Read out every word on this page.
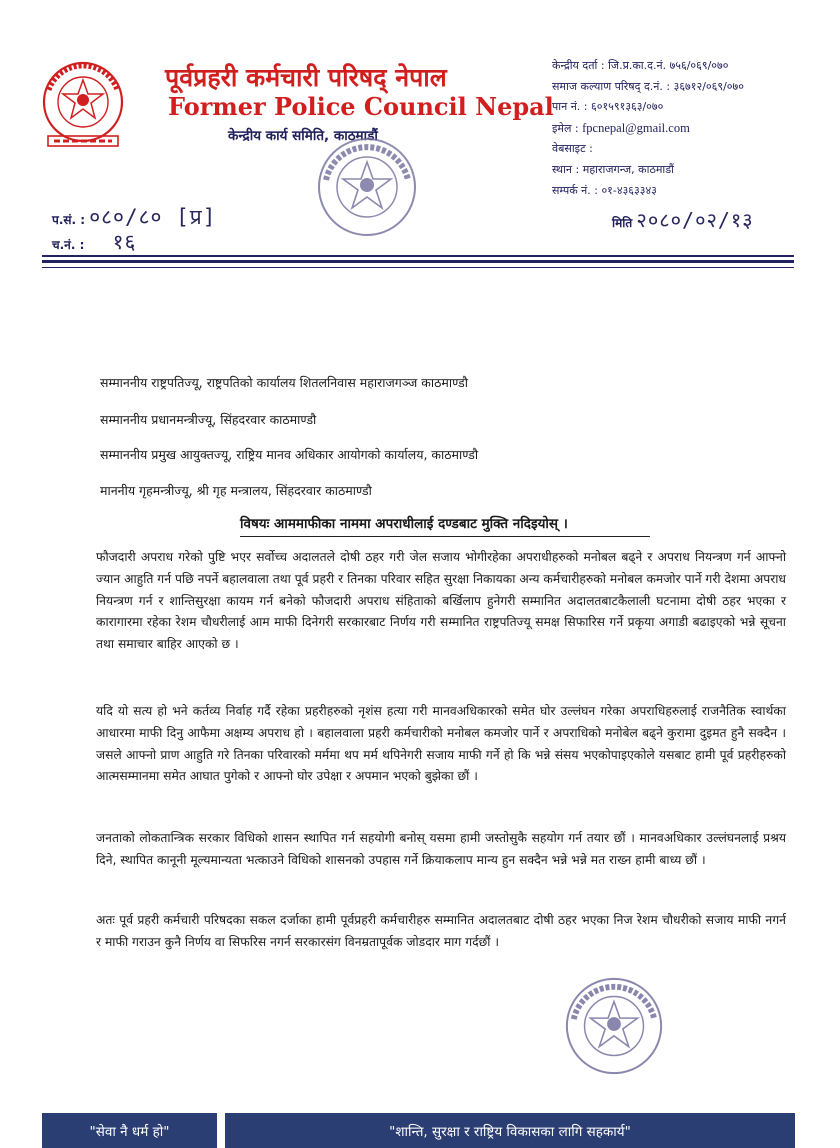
पूर्वप्रहरी कर्मचारी परिषद् नेपाल
Former Police Council Nepal
केन्द्रीय कार्य समिति, काठमाडौं
केन्द्रीय दर्ता : जि.प्र.का.द.नं. ७५६/०६९/०७०
समाज कल्याण परिषद् द.नं. : ३६७१२/०६९/०७०
पान नं. : ६०१५९१३६३/०७०
इमेल : fpcnepal@gmail.com
वेबसाइट :
स्थान : महाराजगन्ज, काठमाडौं
सम्पर्क नं. : ०१-४३६३३४३
प.सं. : ०८०/८० [प्र]
च.नं. : १६
मिति २०८०/०२/१३
सम्माननीय राष्ट्रपतिज्यू, राष्ट्रपतिको कार्यालय शितलनिवास महाराजगञ्ज काठमाण्डौ
सम्माननीय प्रधानमन्त्रीज्यू, सिंहदरवार काठमाण्डौ
सम्माननीय प्रमुख आयुक्तज्यू, राष्ट्रिय मानव अधिकार आयोगको कार्यालय, काठमाण्डौ
माननीय गृहमन्त्रीज्यू, श्री गृह मन्त्रालय, सिंहदरवार काठमाण्डौ
विषयः आममाफीका नाममा अपराधीलाई दण्डबाट मुक्ति नदिइयोस् ।
फौजदारी अपराध गरेको पुष्टि भएर सर्वोच्च अदालतले दोषी ठहर गरी जेल सजाय भोगीरहेका अपराधीहरुको मनोबल बढ्ने र अपराध नियन्त्रण गर्न आफ्नो ज्यान आहुति गर्न पछि नपर्ने बहालवाला तथा पूर्व प्रहरी र तिनका परिवार सहित सुरक्षा निकायका अन्य कर्मचारीहरुको मनोबल कमजोर पार्ने गरी देशमा अपराध नियन्त्रण गर्न र शान्तिसुरक्षा कायम गर्न बनेको फौजदारी अपराध संहिताको बर्खिलाप हुनेगरी सम्मानित अदालतबाटकैलाली घटनामा दोषी ठहर भएका र कारागारमा रहेका रेशम चौधरीलाई आम माफी दिनेगरी सरकारबाट निर्णय गरी सम्मानित राष्ट्रपतिज्यू समक्ष सिफारिस गर्ने प्रकृया अगाडी बढाइएको भन्ने सूचना तथा समाचार बाहिर आएको छ ।
यदि यो सत्य हो भने कर्तव्य निर्वाह गर्दै रहेका प्रहरीहरुको नृशंस हत्या गरी मानवअधिकारको समेत घोर उल्लंघन गरेका अपराधिहरुलाई राजनैतिक स्वार्थका आधारमा माफी दिनु आफैमा अक्षम्य अपराध हो । बहालवाला प्रहरी कर्मचारीको मनोबल कमजोर पार्ने र अपराधिको मनोबेल बढ्ने कुरामा दुइमत हुनै सक्दैन । जसले आफ्नो प्राण आहुति गरे तिनका परिवारको मर्ममा थप मर्म थपिनेगरी सजाय माफी गर्ने हो कि भन्ने संसय भएकोपाइएकोले यसबाट हामी पूर्व प्रहरीहरुको आत्मसम्मानमा समेत आघात पुगेको र आफ्नो घोर उपेक्षा र अपमान भएको बुझेका छौं ।
जनताको लोकतान्त्रिक सरकार विधिको शासन स्थापित गर्न सहयोगी बनोस् यसमा हामी जस्तोसुकै सहयोग गर्न तयार छौं । मानवअधिकार उल्लंघनलाई प्रश्रय दिने, स्थापित कानूनी मूल्यमान्यता भत्काउने विधिको शासनको उपहास गर्ने क्रियाकलाप मान्य हुन सक्दैन भन्ने भन्ने मत राख्न हामी बाध्य छौं ।
अतः पूर्व प्रहरी कर्मचारी परिषदका सकल दर्जाका हामी पूर्वप्रहरी कर्मचारीहरु सम्मानित अदालतबाट दोषी ठहर भएका निज रेशम चौधरीको सजाय माफी नगर्न र माफी गराउन कुनै निर्णय वा सिफरिस नगर्न सरकारसंग विनम्रतापूर्वक जोडदार माग गर्दछौं ।
"सेवा नै धर्म हो"	"शान्ति, सुरक्षा र राष्ट्रिय विकासका लागि सहकार्य"
